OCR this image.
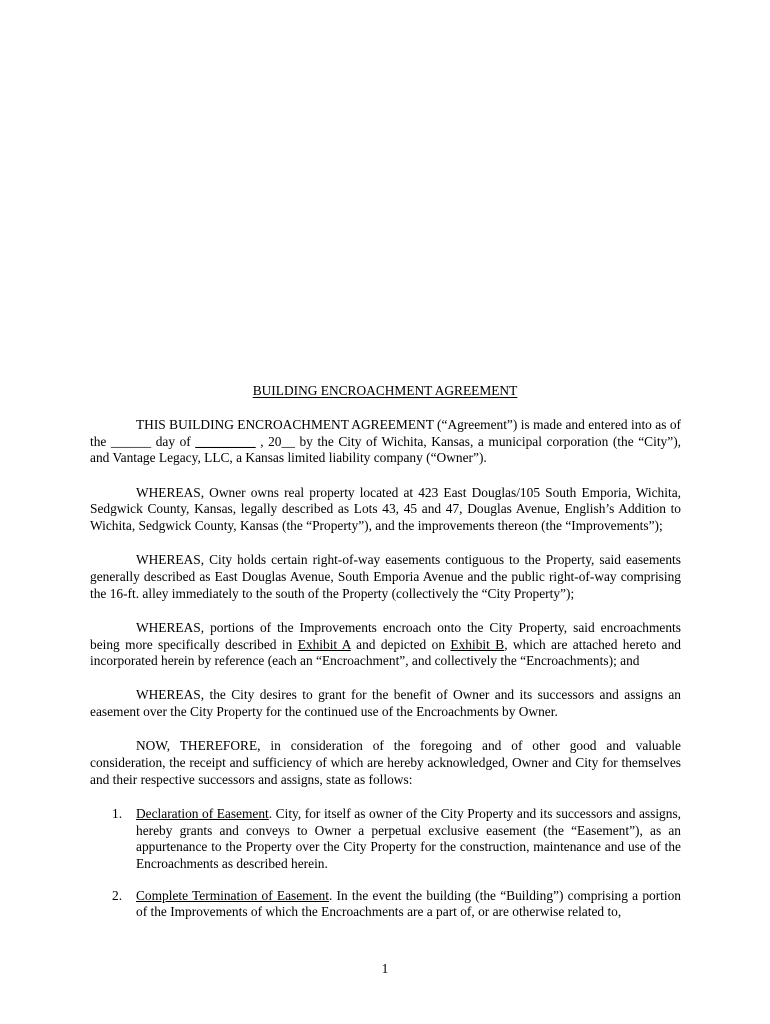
BUILDING ENCROACHMENT AGREEMENT

THIS BUILDING ENCROACHMENT AGREEMENT (“Agreement”) is made and entered into as of the ______ day of _________ , 20__ by the City of Wichita, Kansas, a municipal corporation (the “City”), and Vantage Legacy, LLC, a Kansas limited liability company (“Owner”).

WHEREAS, Owner owns real property located at 423 East Douglas/105 South Emporia, Wichita, Sedgwick County, Kansas, legally described as Lots 43, 45 and 47, Douglas Avenue, English’s Addition to Wichita, Sedgwick County, Kansas (the “Property”), and the improvements thereon (the “Improvements”);

WHEREAS, City holds certain right-of-way easements contiguous to the Property, said easements generally described as East Douglas Avenue, South Emporia Avenue and the public right-of-way comprising the 16-ft. alley immediately to the south of the Property (collectively the “City Property”);

WHEREAS, portions of the Improvements encroach onto the City Property, said encroachments being more specifically described in Exhibit A and depicted on Exhibit B, which are attached hereto and incorporated herein by reference (each an “Encroachment”, and collectively the “Encroachments); and

WHEREAS, the City desires to grant for the benefit of Owner and its successors and assigns an easement over the City Property for the continued use of the Encroachments by Owner.

NOW, THEREFORE, in consideration of the foregoing and of other good and valuable consideration, the receipt and sufficiency of which are hereby acknowledged, Owner and City for themselves and their respective successors and assigns, state as follows:

1. Declaration of Easement. City, for itself as owner of the City Property and its successors and assigns, hereby grants and conveys to Owner a perpetual exclusive easement (the “Easement”), as an appurtenance to the Property over the City Property for the construction, maintenance and use of the Encroachments as described herein.
2. Complete Termination of Easement. In the event the building (the “Building”) comprising a portion of the Improvements of which the Encroachments are a part of, or are otherwise related to,
1
